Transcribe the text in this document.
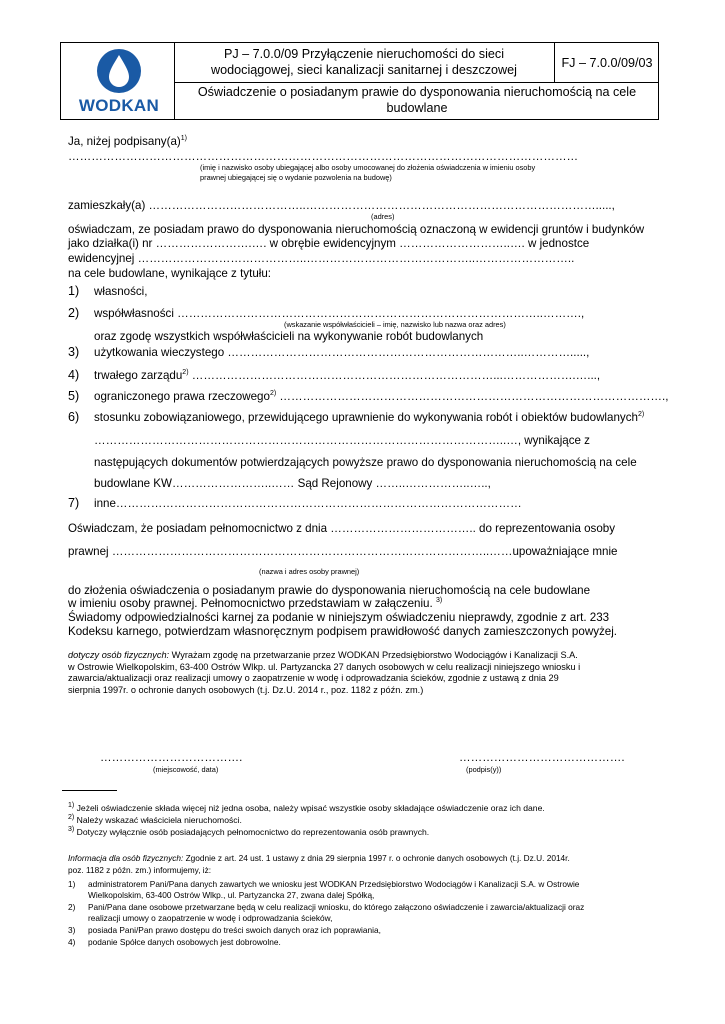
WODKAN
PJ – 7.0.0/09 Przyłączenie nieruchomości do sieci
wodociągowej, sieci kanalizacji sanitarnej i deszczowej	FJ – 7.0.0/09/03
Oświadczenie o posiadanym prawie do dysponowania nieruchomością na cele
budowlane
Ja, niżej $podpisany(a)^{1)}$
……………………………………………………………………………………………………………………
(imię i nazwisko osoby ubiegającej albo osoby umocowanej do złożenia oświadczenia w imieniu osoby
prawnej ubiegającej się o wydanie pozwolenia na budowę)
zamieszkały(a) …………………………………..………………………………………………………………….....,
(adres)
oświadczam, ze posiadam prawo do dysponowania nieruchomością oznaczoną w ewidencji gruntów i budynków
jako działka(i) nr …………………….…. w obrębie ewidencyjnym ………………………..…. w jednostce
ewidencyjnej ……………………………………..……………………………………..……………………..
na cele budowlane, wynikające z tytułu:
1) własności,
2) współwłasności …………………………………………………………………………………..……….,
(wskazanie współwłaścicieli – imię, nazwisko lub nazwa oraz adres)
oraz zgodę wszystkich współwłaścicieli na wykonywanie robót budowlanych
3) użytkowania wieczystego …………………………………………………………………..………….....,
4) trwałego zarządu$^{2)}$ ……………………………………………………………………...……………….…...,
5) ograniczonego prawa rzeczowego$^{2)}$ ……………………………………………………………………………………….,
6) stosunku zobowiązaniowego, przewidującego uprawnienie do wykonywania robót i obiektów budowlanych$^{2)}$
……………………………………………………………………………………………..…, wynikające z
następujących dokumentów potwierdzających powyższe prawo do dysponowania nieruchomością na cele
budowlane KW……………………..…… Sąd Rejonowy ……..……………..…..,
7) inne……………………………………………………………………………………………
Oświadczam, że posiadam pełnomocnictwo z dnia ……………………………….. do reprezentowania osoby
prawnej ……………………………………………………………………………………..……upoważniające mnie
(nazwa i adres osoby prawnej)
do złożenia oświadczenia o posiadanym prawie do dysponowania nieruchomością na cele budowlane
w imieniu osoby prawnej. Pełnomocnictwo przedstawiam w załączeniu. $^{3)}$
Świadomy odpowiedzialności karnej za podanie w niniejszym oświadczeniu nieprawdy, zgodnie z art. 233
Kodeksu karnego, potwierdzam własnoręcznym podpisem prawidłowość danych zamieszczonych powyżej.
dotyczy osób fizycznych: Wyrażam zgodę na przetwarzanie przez WODKAN Przedsiębiorstwo Wodociągów i Kanalizacji S.A.
w Ostrowie Wielkopolskim, 63-400 Ostrów Wlkp. ul. Partyzancka 27 danych osobowych w celu realizacji niniejszego wniosku i
zawarcia/aktualizacji oraz realizacji umowy o zaopatrzenie w wodę i odprowadzania ścieków, zgodnie z ustawą z dnia 29
sierpnia 1997r. o ochronie danych osobowych (t.j. Dz.U. 2014 r., poz. 1182 z późn. zm.)
……………………………….
(miejscowość, data)
…………………………………….
(podpis(y))
$^{1)}$ Jeżeli oświadczenie składa więcej niż jedna osoba, należy wpisać wszystkie osoby składające oświadczenie oraz ich dane.
$^{2)}$ Należy wskazać właściciela nieruchomości.
$^{3)}$ Dotyczy wyłącznie osób posiadających pełnomocnictwo do reprezentowania osób prawnych.
Informacja dla osób fizycznych: Zgodnie z art. 24 ust. 1 ustawy z dnia 29 sierpnia 1997 r. o ochronie danych osobowych (t.j. Dz.U. 2014r.
poz. 1182 z późn. zm.) informujemy, iż:
1) administratorem Pani/Pana danych zawartych we wniosku jest WODKAN Przedsiębiorstwo Wodociągów i Kanalizacji S.A. w Ostrowie
Wielkopolskim, 63-400 Ostrów Wlkp., ul. Partyzancka 27, zwana dalej Spółką,
2) Pani/Pana dane osobowe przetwarzane będą w celu realizacji wniosku, do którego załączono oświadczenie i zawarcia/aktualizacji oraz
realizacji umowy o zaopatrzenie w wodę i odprowadzania ścieków,
3) posiada Pani/Pan prawo dostępu do treści swoich danych oraz ich poprawiania,
4) podanie Spółce danych osobowych jest dobrowolne.
